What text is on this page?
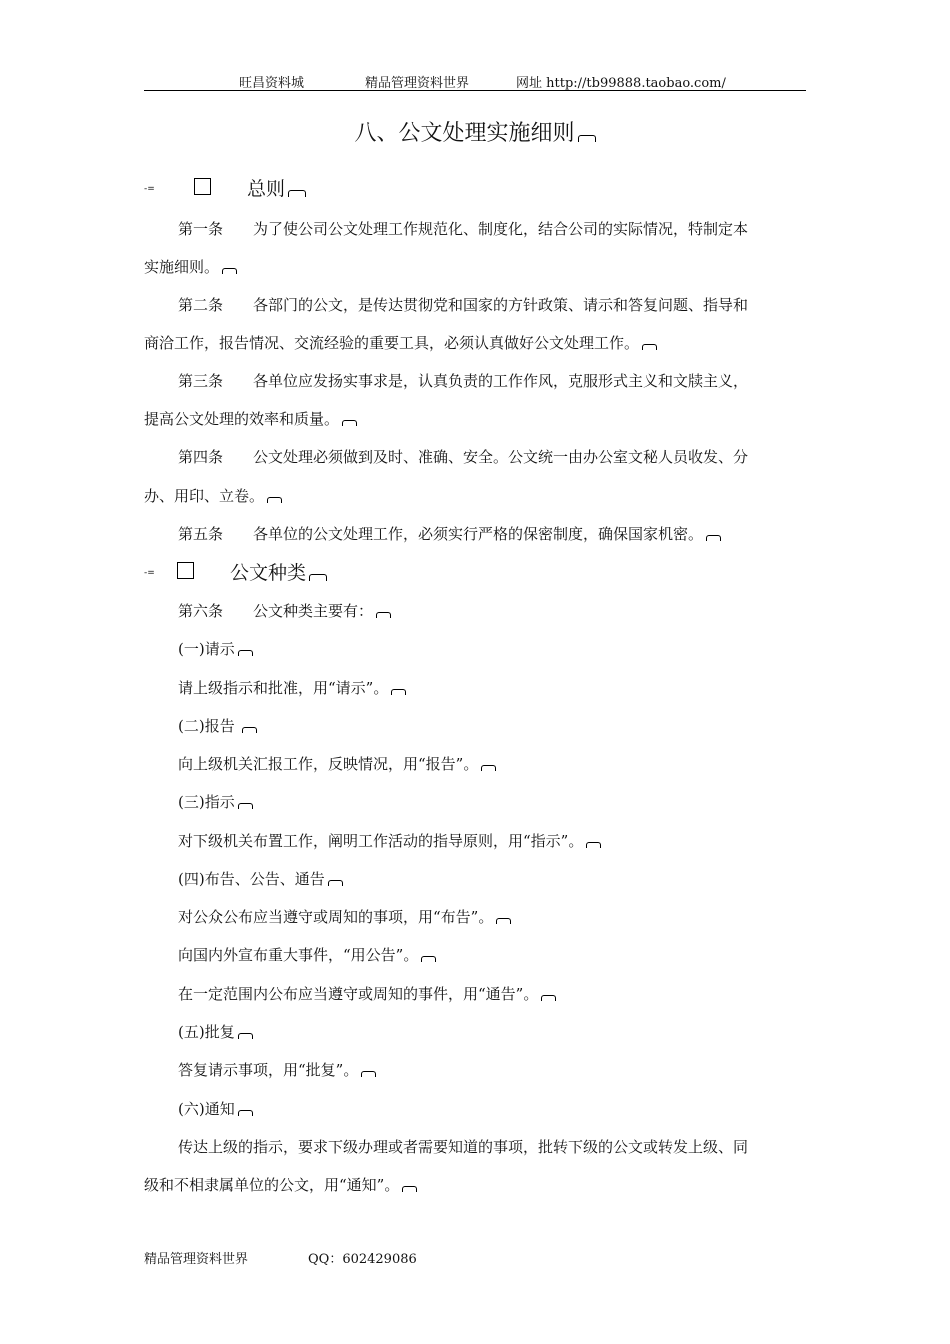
旺昌资料城	精品管理资料世界	网址 http://tb99888.taobao.com/
八、公文处理实施细则
-=	总则
第一条　　为了使公司公文处理工作规范化、制度化，结合公司的实际情况，特制定本
实施细则。
第二条　　各部门的公文，是传达贯彻党和国家的方针政策、请示和答复问题、指导和
商洽工作，报告情况、交流经验的重要工具，必须认真做好公文处理工作。
第三条　　各单位应发扬实事求是，认真负责的工作作风，克服形式主义和文牍主义，
提高公文处理的效率和质量。
第四条　　公文处理必须做到及时、准确、安全。公文统一由办公室文秘人员收发、分
办、用印、立卷。
第五条　　各单位的公文处理工作，必须实行严格的保密制度，确保国家机密。
-=	公文种类
第六条　　公文种类主要有：
(一)请示
请上级指示和批准，用“请示”。
(二)报告
向上级机关汇报工作，反映情况，用“报告”。
(三)指示
对下级机关布置工作，阐明工作活动的指导原则，用“指示”。
(四)布告、公告、通告
对公众公布应当遵守或周知的事项，用“布告”。
向国内外宣布重大事件，“用公告”。
在一定范围内公布应当遵守或周知的事件，用“通告”。
(五)批复
答复请示事项，用“批复”。
(六)通知
传达上级的指示，要求下级办理或者需要知道的事项，批转下级的公文或转发上级、同
级和不相隶属单位的公文，用“通知”。
精品管理资料世界	QQ：602429086
